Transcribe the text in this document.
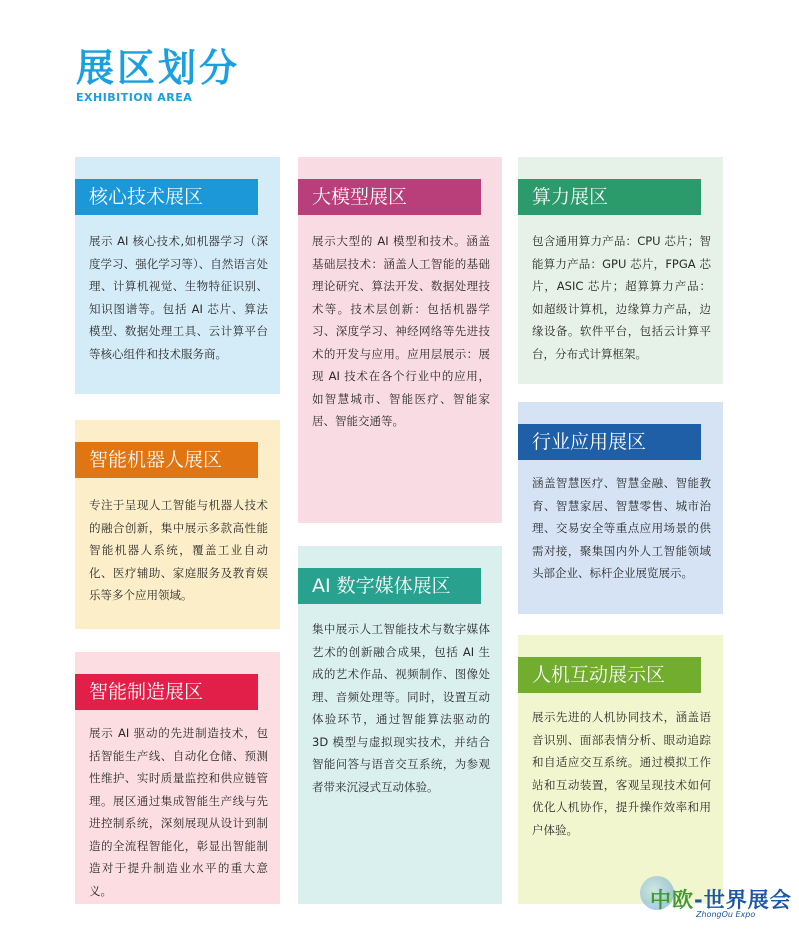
展区划分
EXHIBITION AREA
核心技术展区
展示 AI 核心技术,如机器学习（深度学习、强化学习等）、自然语言处理、计算机视觉、生物特征识别、知识图谱等。包括 AI 芯片、算法模型、数据处理工具、云计算平台等核心组件和技术服务商。
大模型展区
展示大型的 AI 模型和技术。涵盖基础层技术：涵盖人工智能的基础理论研究、算法开发、数据处理技术等。技术层创新：包括机器学习、深度学习、神经网络等先进技术的开发与应用。应用层展示：展现 AI 技术在各个行业中的应用，如智慧城市、智能医疗、智能家居、智能交通等。
算力展区
包含通用算力产品：CPU 芯片；智能算力产品：GPU 芯片，FPGA 芯片，ASIC 芯片；超算算力产品：如超级计算机，边缘算力产品，边缘设备。软件平台，包括云计算平台，分布式计算框架。
智能机器人展区
专注于呈现人工智能与机器人技术的融合创新，集中展示多款高性能智能机器人系统，覆盖工业自动化、医疗辅助、家庭服务及教育娱乐等多个应用领域。
行业应用展区
涵盖智慧医疗、智慧金融、智能教育、智慧家居、智慧零售、城市治理、交易安全等重点应用场景的供需对接，聚集国内外人工智能领域头部企业、标杆企业展览展示。
AI 数字媒体展区
集中展示人工智能技术与数字媒体艺术的创新融合成果，包括 AI 生成的艺术作品、视频制作、图像处理、音频处理等。同时，设置互动体验环节，通过智能算法驱动的 3D 模型与虚拟现实技术，并结合智能问答与语音交互系统，为参观者带来沉浸式互动体验。
智能制造展区
展示 AI 驱动的先进制造技术，包括智能生产线、自动化仓储、预测性维护、实时质量监控和供应链管理。展区通过集成智能生产线与先进控制系统，深刻展现从设计到制造的全流程智能化，彰显出智能制造对于提升制造业水平的重大意义。
人机互动展示区
展示先进的人机协同技术，涵盖语音识别、面部表情分析、眼动追踪和自适应交互系统。通过模拟工作站和互动装置，客观呈现技术如何优化人机协作，提升操作效率和用户体验。
中欧-世界展会
ZhongOu Expo
